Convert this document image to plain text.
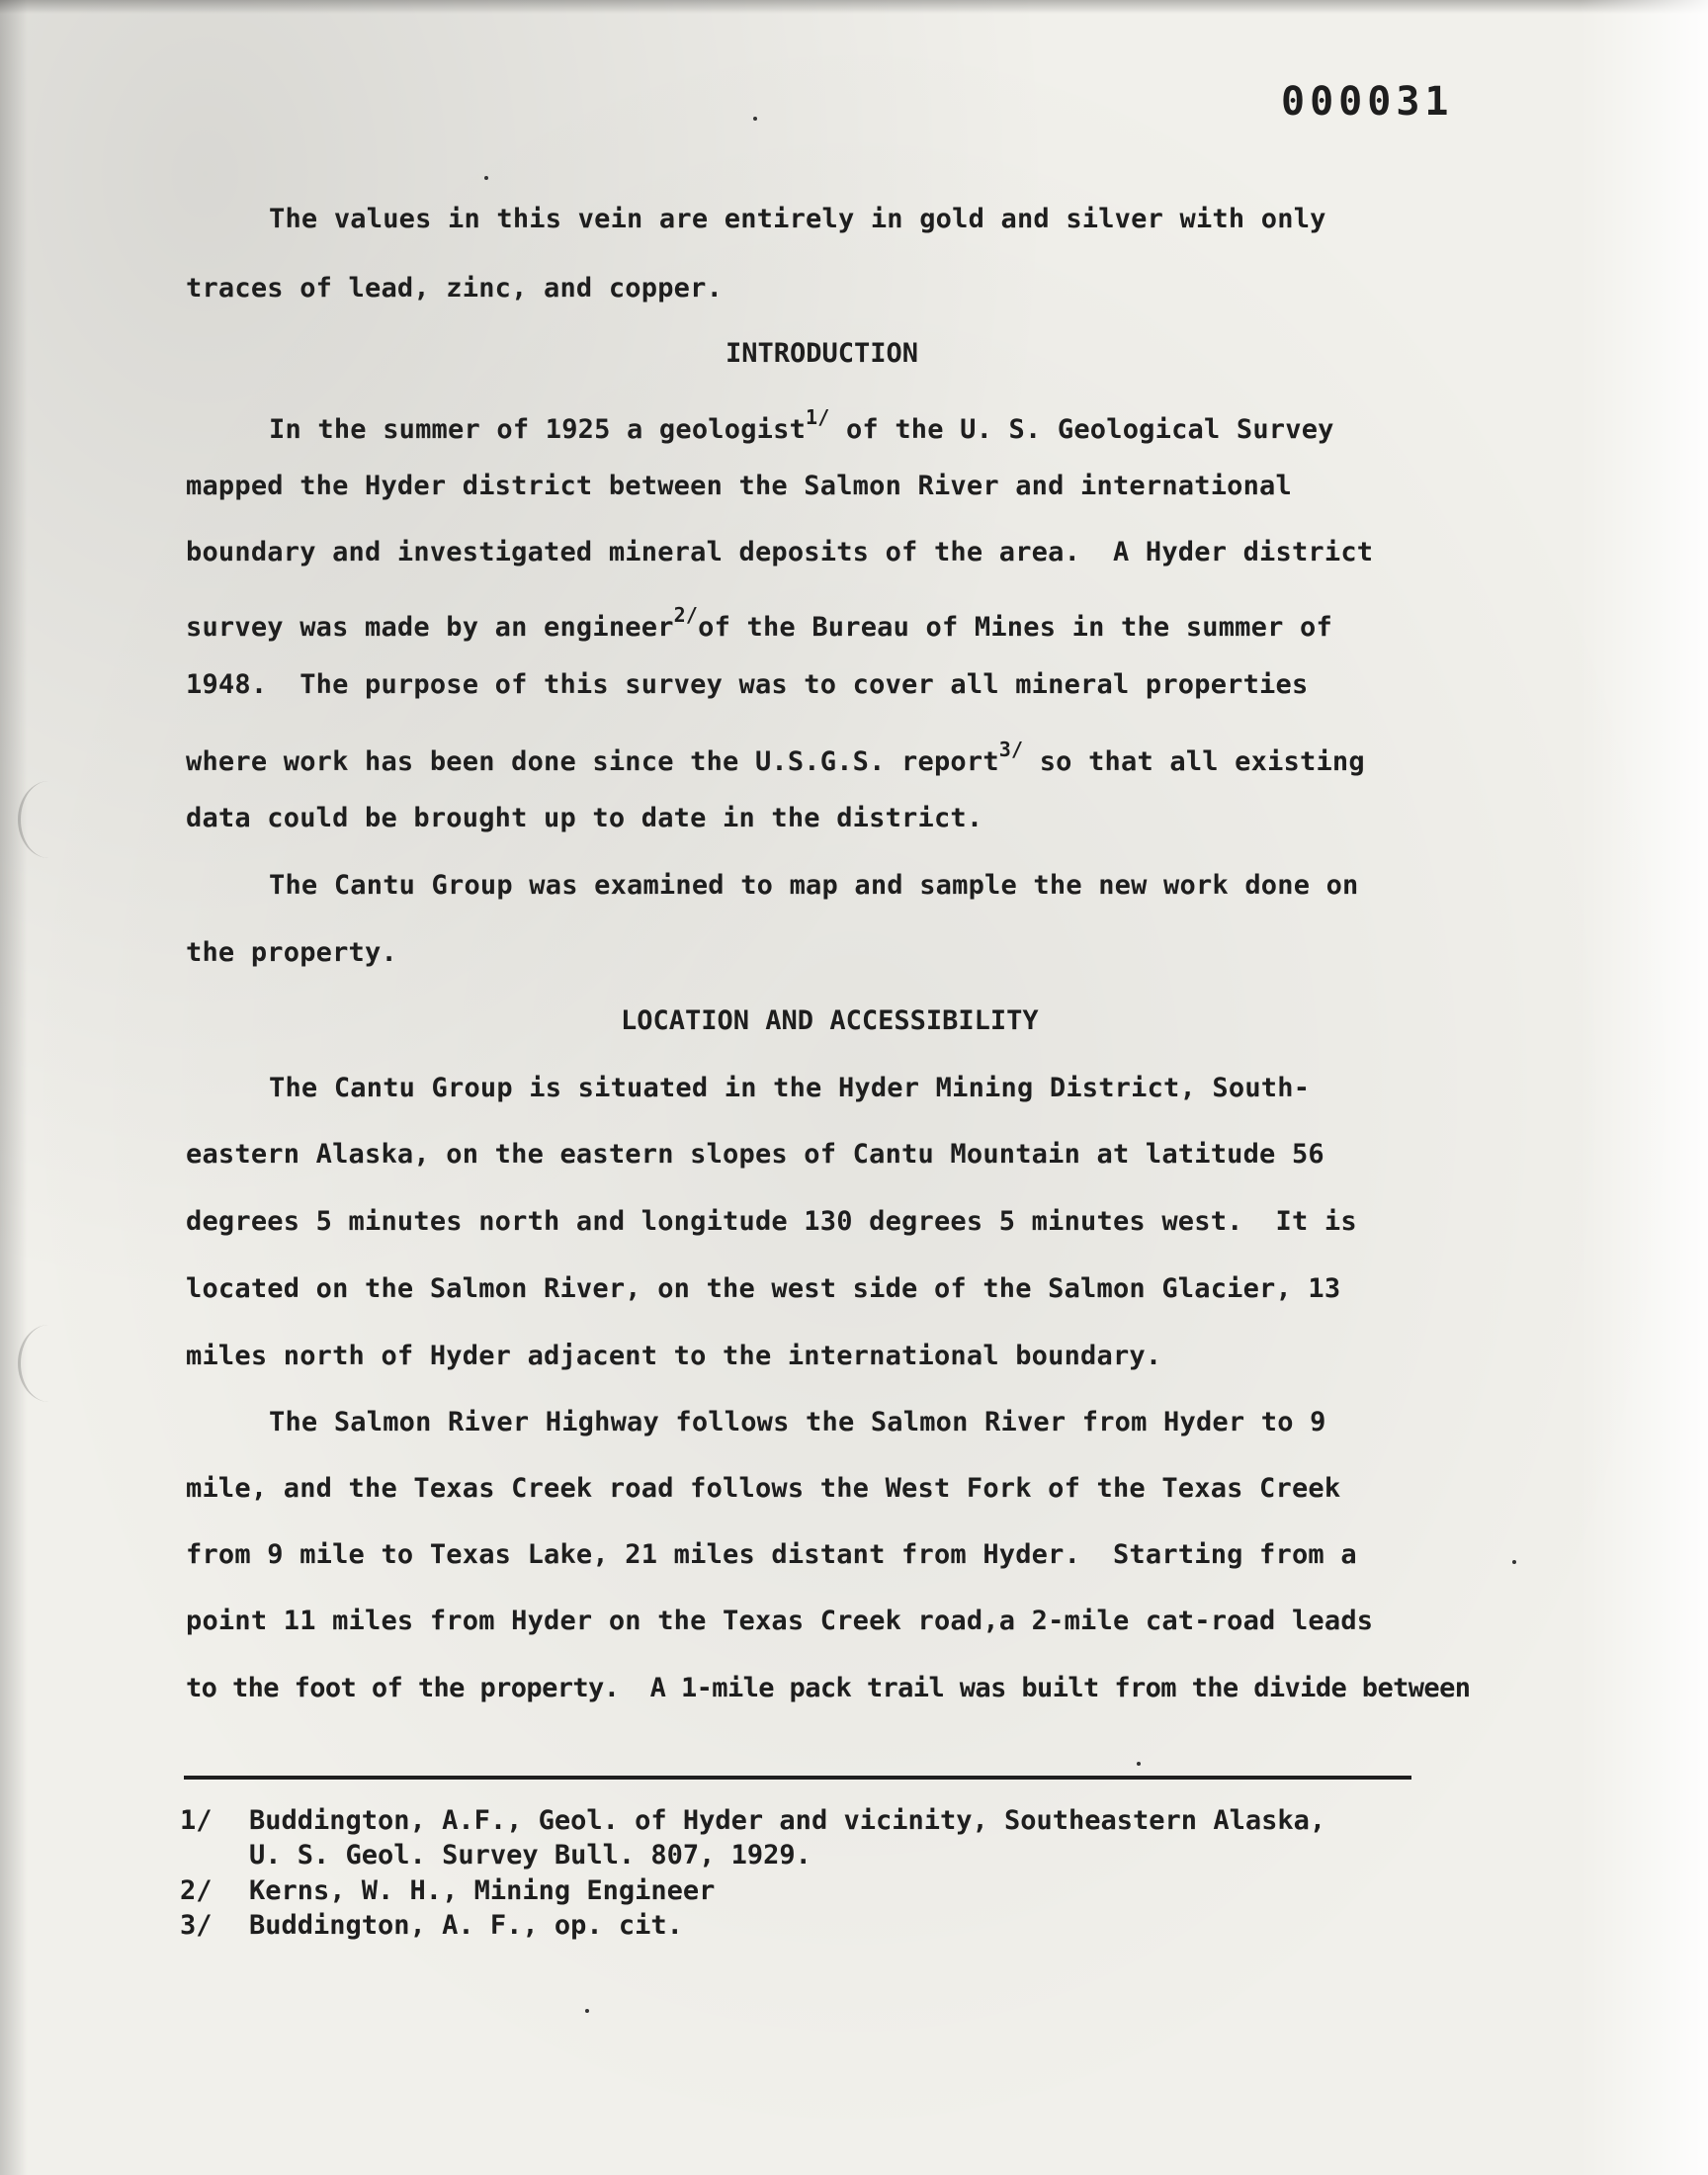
000031
The values in this vein are entirely in gold and silver with only
traces of lead, zinc, and copper.
INTRODUCTION
In the summer of 1925 a geologist$^{1/}$ of the U. S. Geological Survey
mapped the Hyder district between the Salmon River and international
boundary and investigated mineral deposits of the area.  A Hyder district
survey was made by an engineer$^{2/}$of the Bureau of Mines in the summer of
1948.  The purpose of this survey was to cover all mineral properties
where work has been done since the U.S.G.S. report$^{3/}$ so that all existing
data could be brought up to date in the district.
The Cantu Group was examined to map and sample the new work done on
the property.
LOCATION AND ACCESSIBILITY
The Cantu Group is situated in the Hyder Mining District, South-
eastern Alaska, on the eastern slopes of Cantu Mountain at latitude 56
degrees 5 minutes north and longitude 130 degrees 5 minutes west.  It is
located on the Salmon River, on the west side of the Salmon Glacier, 13
miles north of Hyder adjacent to the international boundary.
The Salmon River Highway follows the Salmon River from Hyder to 9
mile, and the Texas Creek road follows the West Fork of the Texas Creek
from 9 mile to Texas Lake, 21 miles distant from Hyder.  Starting from a
point 11 miles from Hyder on the Texas Creek road,a 2-mile cat-road leads
to the foot of the property.  A 1-mile pack trail was built from the divide between
1/ Buddington, A.F., Geol. of Hyder and vicinity, Southeastern Alaska,
U. S. Geol. Survey Bull. 807, 1929.
2/ Kerns, W. H., Mining Engineer
3/ Buddington, A. F., op. cit.
